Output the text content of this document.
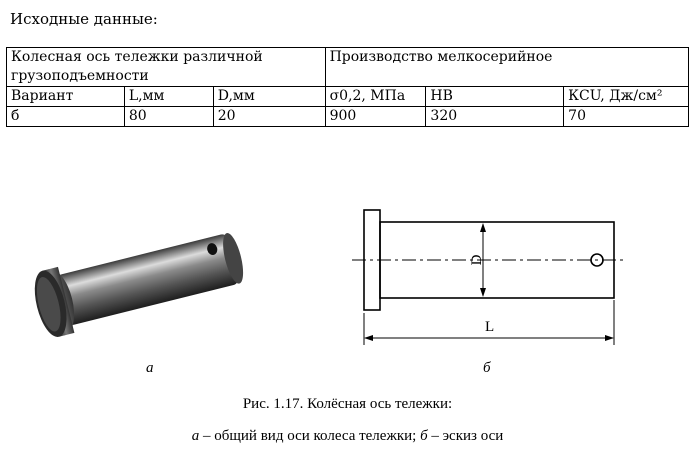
Исходные данные:
Колесная ось тележки различной грузоподъемности			Производство мелкосерийное		
Вариант	L,мм	D,мм	σ0,2, МПа	НВ	КСU, Дж/см²
б	80	20	900	320	70
D
L
а	б
Рис. 1.17. Колёсная ось тележки:
а – общий вид оси колеса тележки; б – эскиз оси
